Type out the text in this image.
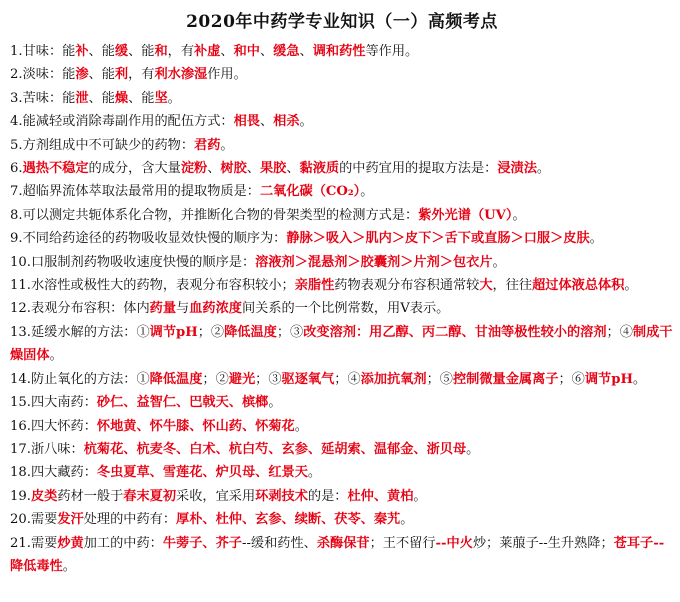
2020年中药学专业知识（一）高频考点
1.甘味：能补、能缓、能和，有补虚、和中、缓急、调和药性等作用。
2.淡味：能渗、能利，有利水渗湿作用。
3.苦味：能泄、能燥、能坚。
4.能减轻或消除毒副作用的配伍方式：相畏、相杀。
5.方剂组成中不可缺少的药物：君药。
6.遇热不稳定的成分，含大量淀粉、树胶、果胶、黏液质的中药宜用的提取方法是：浸渍法。
7.超临界流体萃取法最常用的提取物质是：二氧化碳（CO₂）。
8.可以测定共轭体系化合物，并推断化合物的骨架类型的检测方式是：紫外光谱（UV）。
9.不同给药途径的药物吸收显效快慢的顺序为：静脉＞吸入＞肌内＞皮下＞舌下或直肠＞口服＞皮肤。
10.口服制剂药物吸收速度快慢的顺序是：溶液剂＞混悬剂＞胶囊剂＞片剂＞包衣片。
11.水溶性或极性大的药物，表观分布容积较小；亲脂性药物表观分布容积通常较大，往往超过体液总体积。
12.表观分布容积：体内药量与血药浓度间关系的一个比例常数，用V表示。
13.延缓水解的方法：①调节pH；②降低温度；③改变溶剂：用乙醇、丙二醇、甘油等极性较小的溶剂；④制成干燥固体。
14.防止氧化的方法：①降低温度；②避光；③驱逐氧气；④添加抗氧剂；⑤控制微量金属离子；⑥调节pH。
15.四大南药：砂仁、益智仁、巴戟天、槟榔。
16.四大怀药：怀地黄、怀牛膝、怀山药、怀菊花。
17.浙八味：杭菊花、杭麦冬、白术、杭白芍、玄参、延胡索、温郁金、浙贝母。
18.四大藏药：冬虫夏草、雪莲花、炉贝母、红景天。
19.皮类药材一般于春末夏初采收，宜采用环剥技术的是：杜仲、黄柏。
20.需要发汗处理的中药有：厚朴、杜仲、玄参、续断、茯苓、秦艽。
21.需要炒黄加工的中药：牛蒡子、芥子--缓和药性、杀酶保苷；王不留行--中火炒；莱菔子--生升熟降；苍耳子--降低毒性。
